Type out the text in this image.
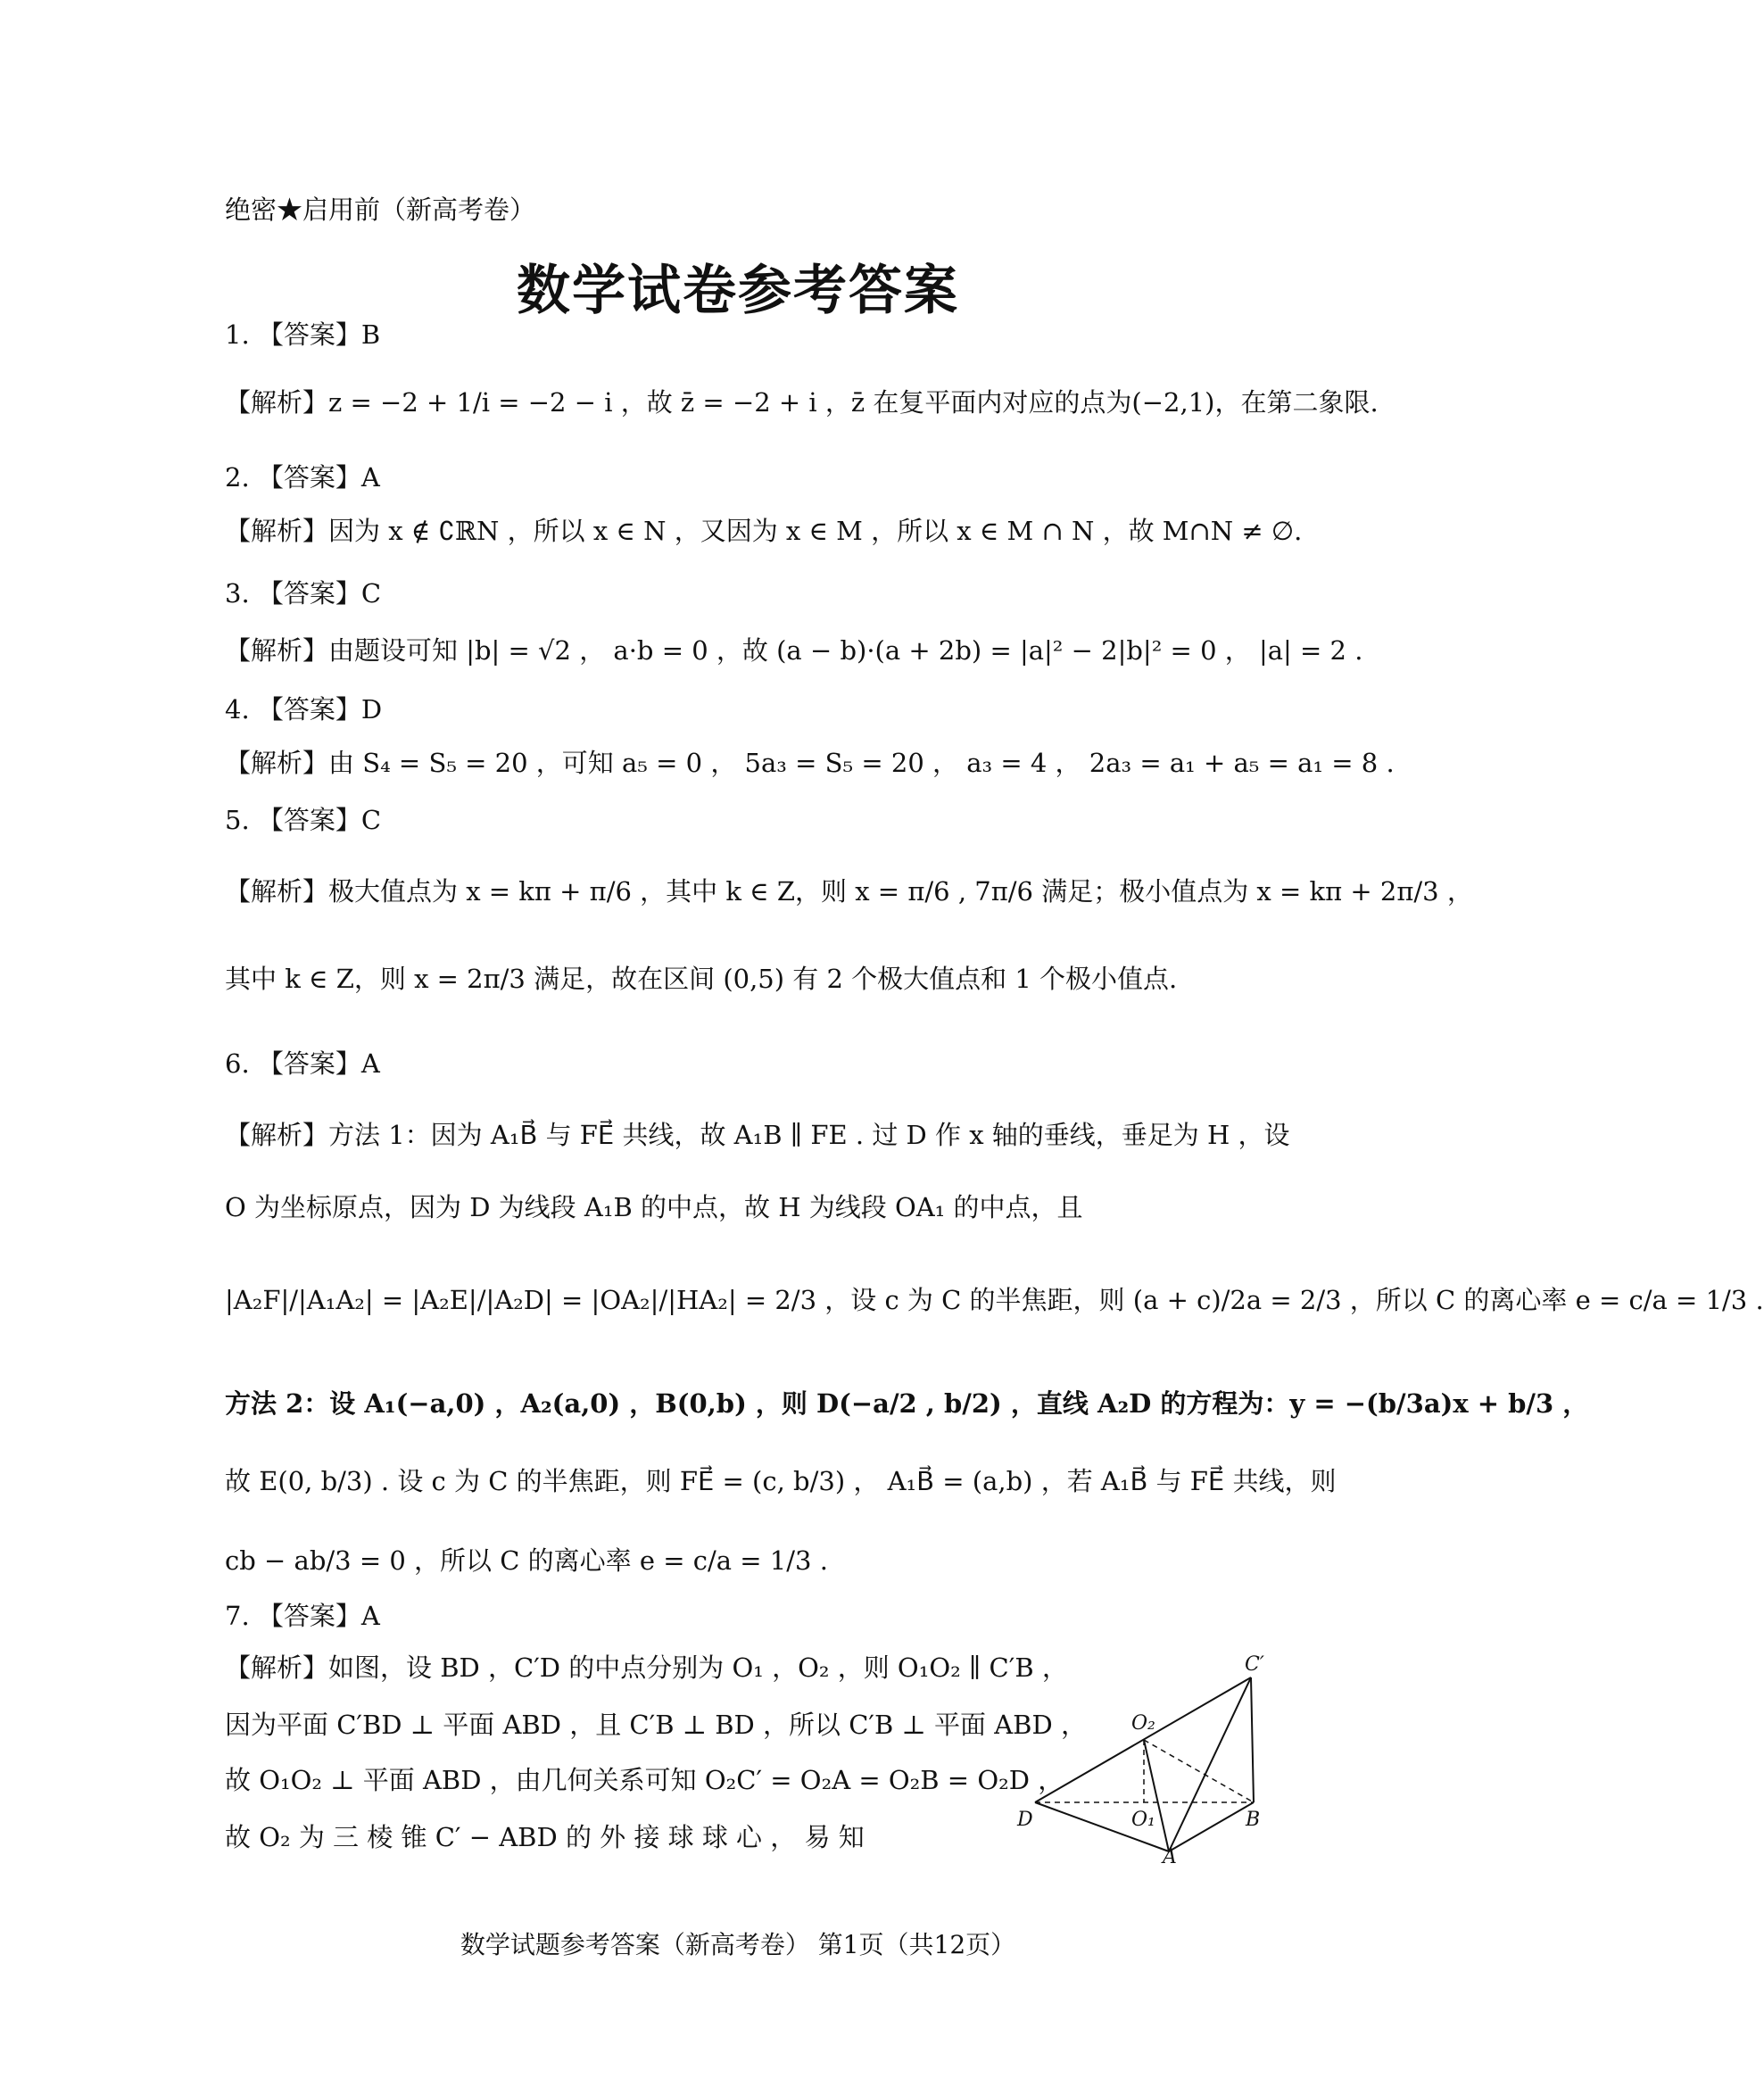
绝密★启用前（新高考卷）
数学试卷参考答案
1. 【答案】B
【解析】z = −2 + 1/i = −2 − i ，故 z̄ = −2 + i ，z̄ 在复平面内对应的点为(−2,1)，在第二象限.
2. 【答案】A
【解析】因为 x ∉ ∁ℝN ，所以 x ∈ N ，又因为 x ∈ M ，所以 x ∈ M ∩ N ，故 M∩N ≠ ∅.
3. 【答案】C
【解析】由题设可知 |b| = √2 ， a·b = 0 ，故 (a − b)·(a + 2b) = |a|² − 2|b|² = 0 ， |a| = 2 .
4. 【答案】D
【解析】由 S₄ = S₅ = 20 ，可知 a₅ = 0 ， 5a₃ = S₅ = 20 ， a₃ = 4 ， 2a₃ = a₁ + a₅ = a₁ = 8 .
5. 【答案】C
【解析】极大值点为 x = kπ + π/6 ，其中 k ∈ Z，则 x = π/6 , 7π/6 满足；极小值点为 x = kπ + 2π/3 ，
其中 k ∈ Z，则 x = 2π/3 满足，故在区间 (0,5) 有 2 个极大值点和 1 个极小值点.
6. 【答案】A
【解析】方法 1：因为 A₁B⃗ 与 FE⃗ 共线，故 A₁B ∥ FE . 过 D 作 x 轴的垂线，垂足为 H ，设
O 为坐标原点，因为 D 为线段 A₁B 的中点，故 H 为线段 OA₁ 的中点，且
|A₂F|/|A₁A₂| = |A₂E|/|A₂D| = |OA₂|/|HA₂| = 2/3 ，设 c 为 C 的半焦距，则 (a + c)/2a = 2/3 ，所以 C 的离心率 e = c/a = 1/3 .
方法 2：设 A₁(−a,0) ，A₂(a,0) ，B(0,b) ，则 D(−a/2 , b/2) ，直线 A₂D 的方程为：y = −(b/3a)x + b/3 ，
故 E(0, b/3) . 设 c 为 C 的半焦距，则 FE⃗ = (c, b/3) ， A₁B⃗ = (a,b) ，若 A₁B⃗ 与 FE⃗ 共线，则
cb − ab/3 = 0 ，所以 C 的离心率 e = c/a = 1/3 .
7. 【答案】A
【解析】如图，设 BD ，C′D 的中点分别为 O₁ ，O₂ ，则 O₁O₂ ∥ C′B ，
因为平面 C′BD ⊥ 平面 ABD ，且 C′B ⊥ BD ，所以 C′B ⊥ 平面 ABD ，
故 O₁O₂ ⊥ 平面 ABD ，由几何关系可知 O₂C′ = O₂A = O₂B = O₂D ，
故 O₂ 为 三 棱 锥 C′ − ABD 的 外 接 球 球 心 ， 易 知
C′
O₂
D	O₁	B
A
数学试题参考答案（新高考卷） 第1页（共12页）
